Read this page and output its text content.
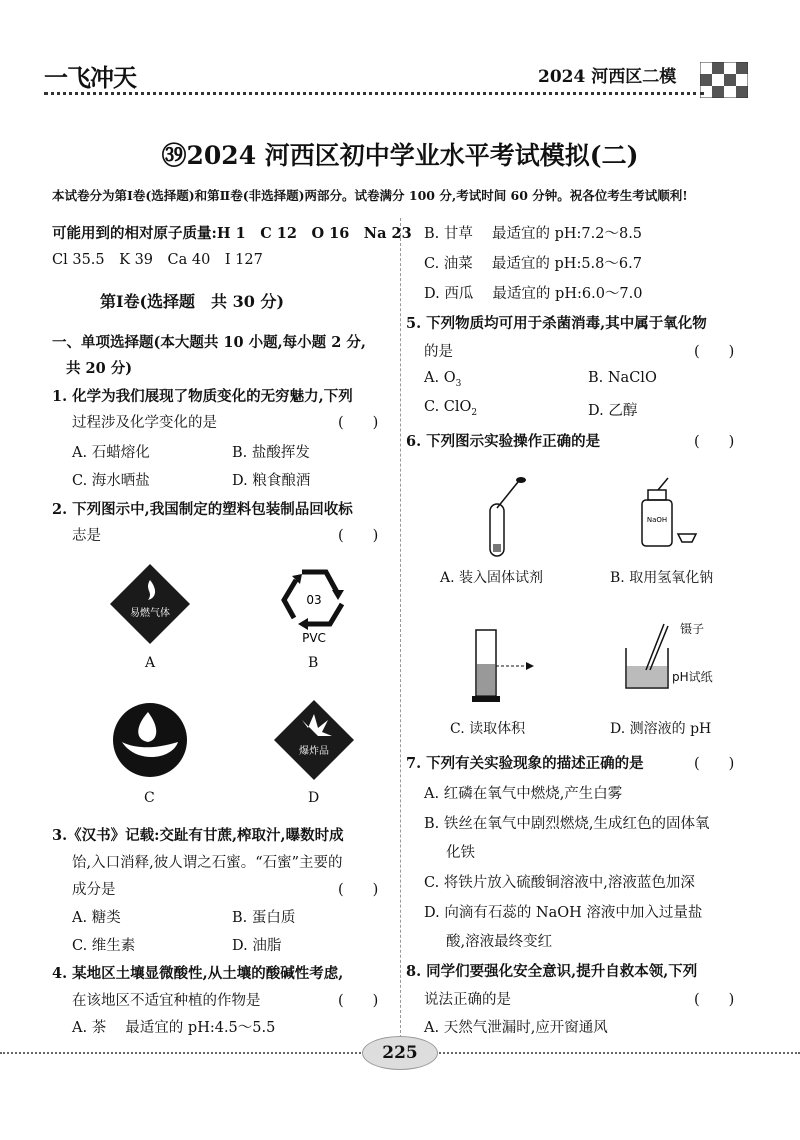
一飞冲天	2024 河西区二模
㊴2024 河西区初中学业水平考试模拟(二)
本试卷分为第Ⅰ卷(选择题)和第Ⅱ卷(非选择题)两部分。试卷满分 100 分,考试时间 60 分钟。祝各位考生考试顺利!
可能用到的相对原子质量:H 1　C 12　O 16　Na 23
Cl 35.5　K 39　Ca 40　I 127
第Ⅰ卷(选择题　共 30 分)
一、单项选择题(本大题共 10 小题,每小题 2 分,
共 20 分)
1. 化学为我们展现了物质变化的无穷魅力,下列
过程涉及化学变化的是	(　　)
A. 石蜡熔化	B. 盐酸挥发
C. 海水晒盐	D. 粮食酿酒
2. 下列图示中,我国制定的塑料包装制品回收标
志是	(　　)
易燃气体
03
PVC
A	B
爆炸品
C	D
3.《汉书》记载:交趾有甘蔗,榨取汁,曝数时成
饴,入口消释,彼人谓之石蜜。“石蜜”主要的
成分是	(　　)
A. 糖类	B. 蛋白质
C. 维生素	D. 油脂
4. 某地区土壤显微酸性,从土壤的酸碱性考虑,
在该地区不适宜种植的作物是	(　　)
A. 茶　 最适宜的 pH:4.5～5.5
B. 甘草　 最适宜的 pH:7.2～8.5
C. 油菜　 最适宜的 pH:5.8～6.7
D. 西瓜　 最适宜的 pH:6.0～7.0
5. 下列物质均可用于杀菌消毒,其中属于氧化物
的是	(　　)
A. $O_3$	B. NaClO
C. ClO$_2$	D. 乙醇
6. 下列图示实验操作正确的是	(　　)
NaOH
A. 装入固体试剂	B. 取用氢氧化钠
镊子
pH试纸
C. 读取体积	D. 测溶液的 pH
7. 下列有关实验现象的描述正确的是	(　　)
A. 红磷在氧气中燃烧,产生白雾
B. 铁丝在氧气中剧烈燃烧,生成红色的固体氧
化铁
C. 将铁片放入硫酸铜溶液中,溶液蓝色加深
D. 向滴有石蕊的 NaOH 溶液中加入过量盐
酸,溶液最终变红
8. 同学们要强化安全意识,提升自救本领,下列
说法正确的是	(　　)
A. 天然气泄漏时,应开窗通风
225
